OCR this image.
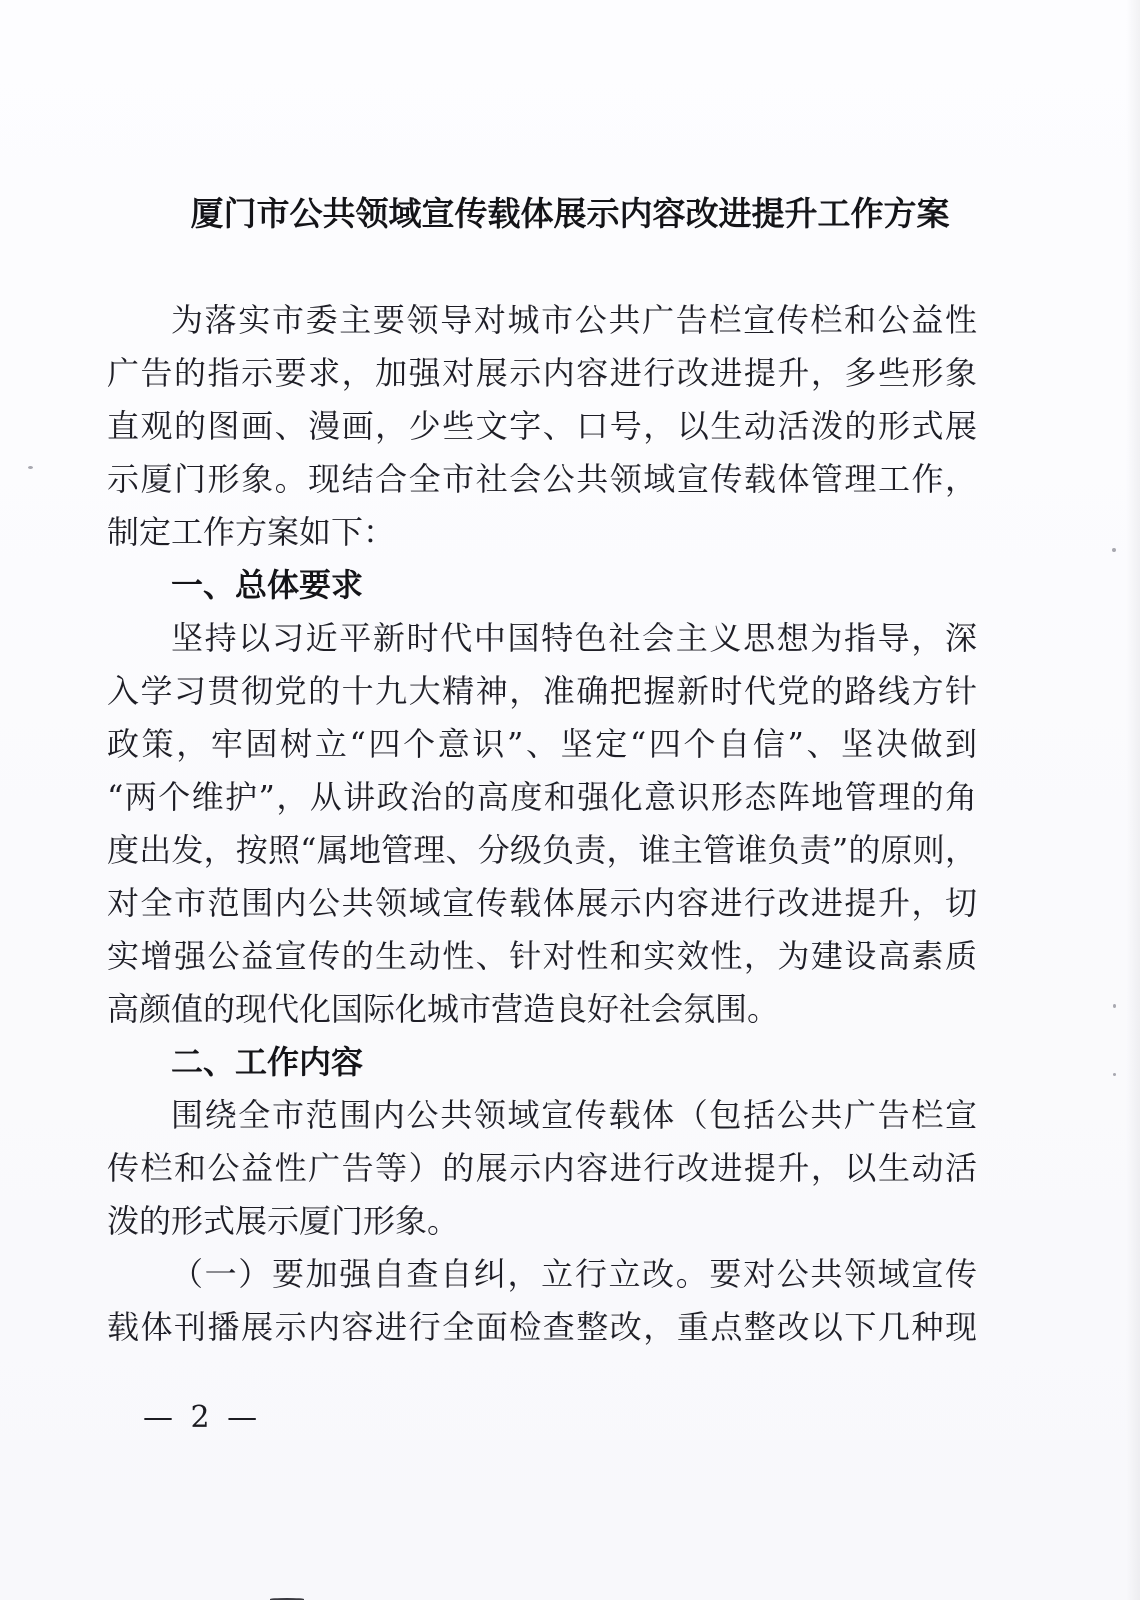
厦门市公共领域宣传载体展示内容改进提升工作方案
为落实市委主要领导对城市公共广告栏宣传栏和公益性
广告的指示要求，加强对展示内容进行改进提升，多些形象
直观的图画、漫画，少些文字、口号，以生动活泼的形式展
示厦门形象。现结合全市社会公共领域宣传载体管理工作，
制定工作方案如下：
一、总体要求
坚持以习近平新时代中国特色社会主义思想为指导，深
入学习贯彻党的十九大精神，准确把握新时代党的路线方针
政策，牢固树立“四个意识”、坚定“四个自信”、坚决做到
“两个维护”，从讲政治的高度和强化意识形态阵地管理的角
度出发，按照“属地管理、分级负责，谁主管谁负责”的原则，
对全市范围内公共领域宣传载体展示内容进行改进提升，切
实增强公益宣传的生动性、针对性和实效性，为建设高素质
高颜值的现代化国际化城市营造良好社会氛围。
二、工作内容
围绕全市范围内公共领域宣传载体（包括公共广告栏宣
传栏和公益性广告等）的展示内容进行改进提升，以生动活
泼的形式展示厦门形象。
（一）要加强自查自纠，立行立改。要对公共领域宣传
载体刊播展示内容进行全面检查整改，重点整改以下几种现
— 2 —
